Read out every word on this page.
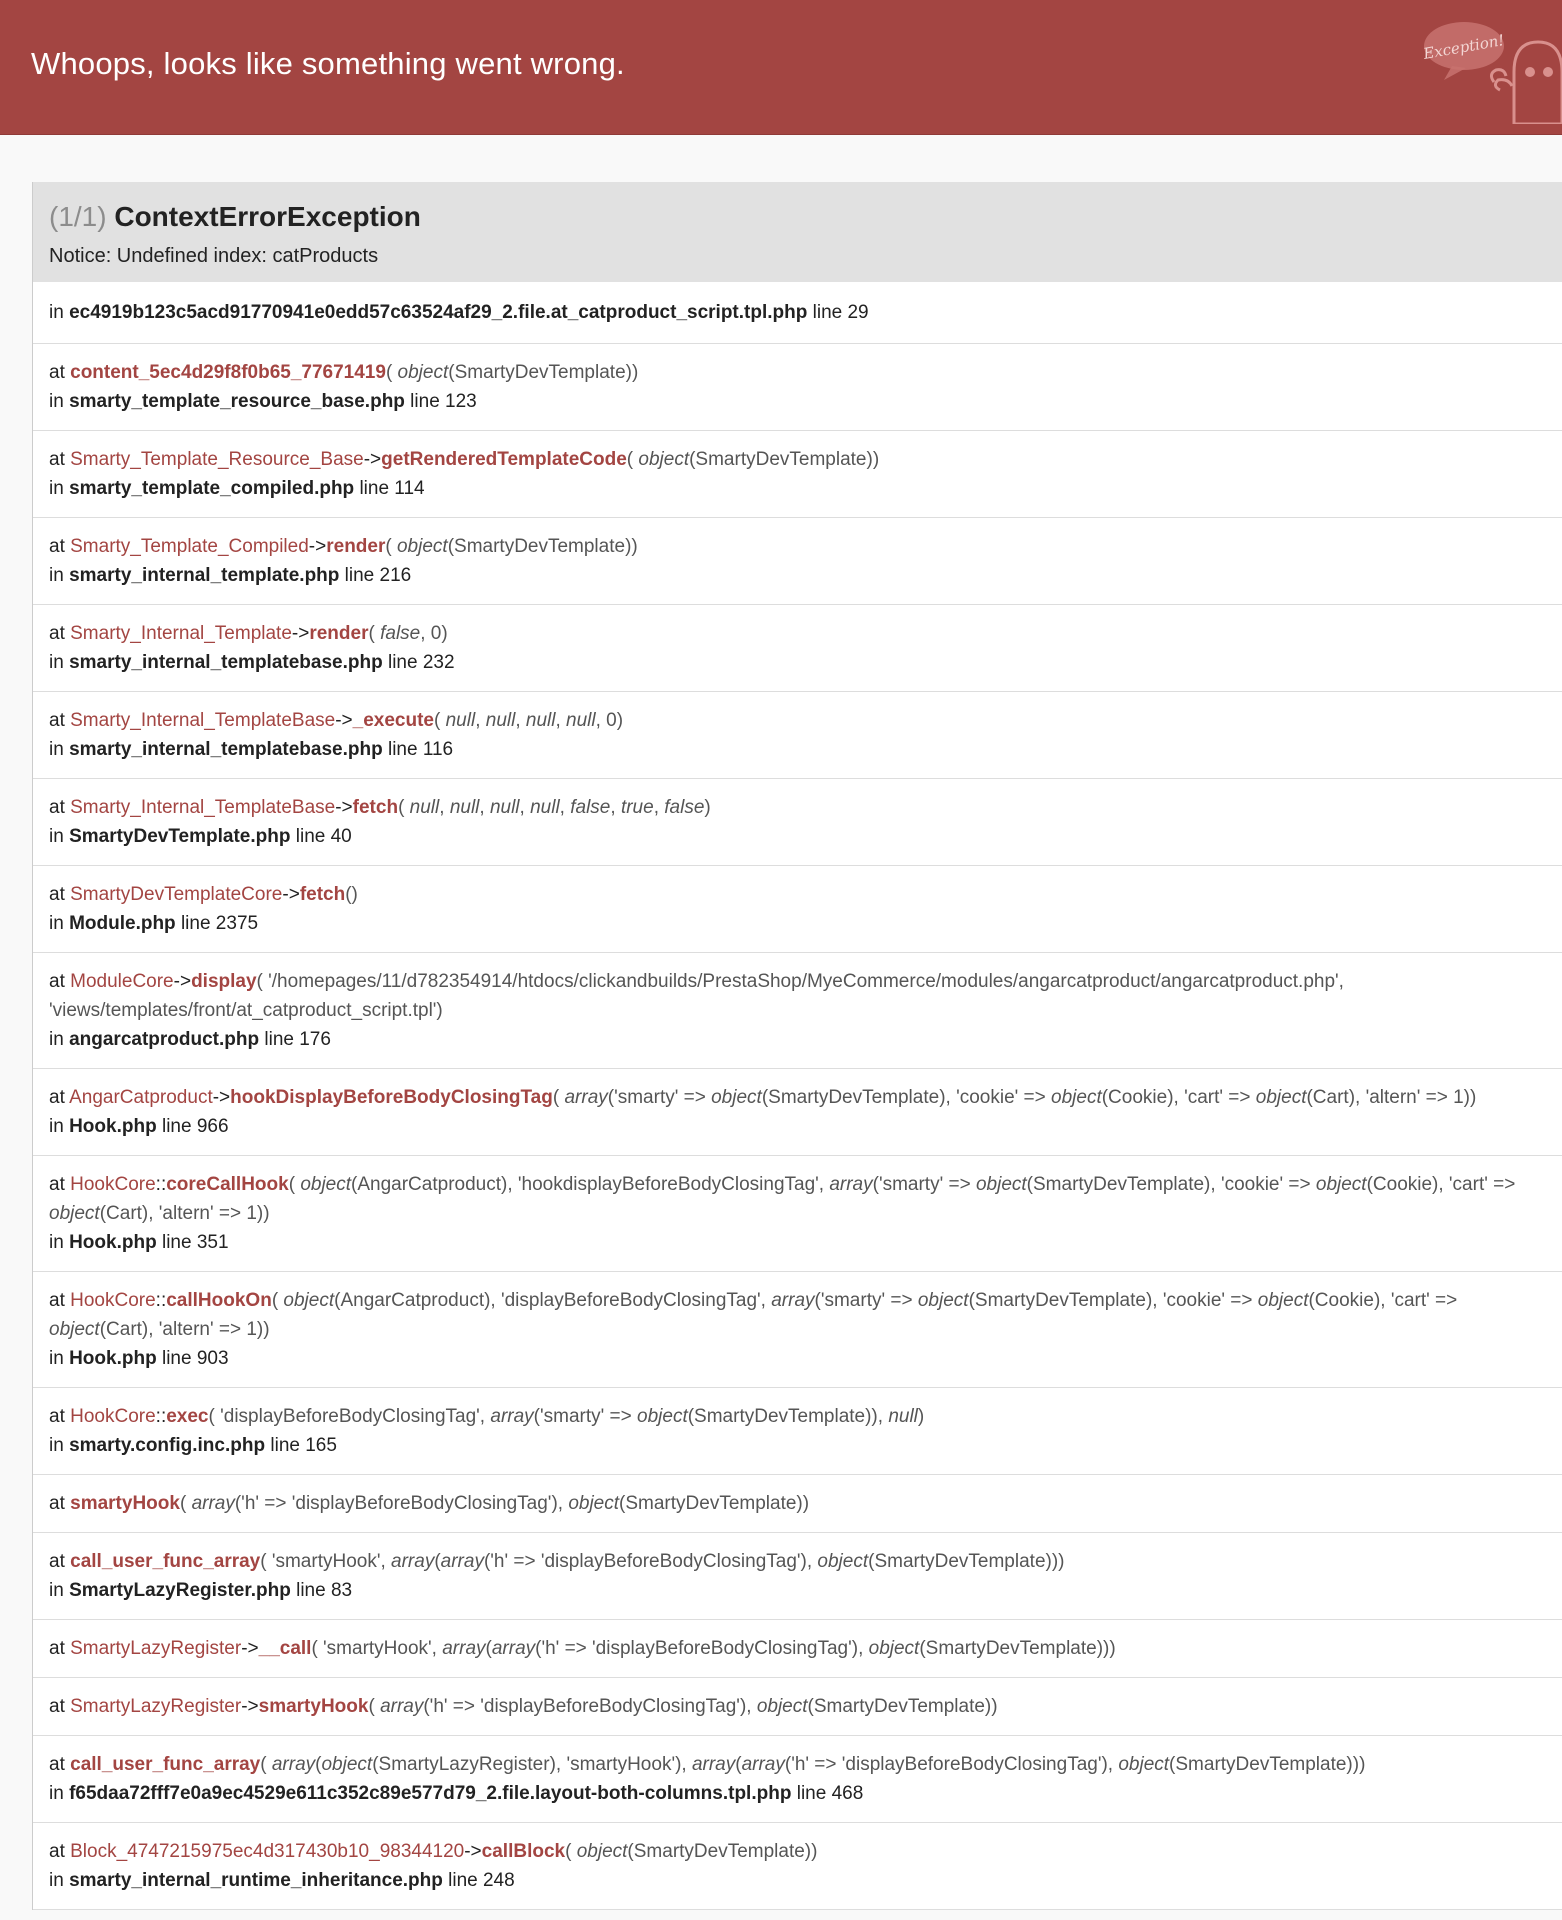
Whoops, looks like something went wrong.	Exception!
(1/1) ContextErrorException
Notice: Undefined index: catProducts
in ec4919b123c5acd91770941e0edd57c63524af29_2.file.at_catproduct_script.tpl.php line 29
at content_5ec4d29f8f0b65_77671419( object(SmartyDevTemplate))
in smarty_template_resource_base.php line 123
at Smarty_Template_Resource_Base->getRenderedTemplateCode( object(SmartyDevTemplate))
in smarty_template_compiled.php line 114
at Smarty_Template_Compiled->render( object(SmartyDevTemplate))
in smarty_internal_template.php line 216
at Smarty_Internal_Template->render( false, 0)
in smarty_internal_templatebase.php line 232
at Smarty_Internal_TemplateBase->_execute( null, null, null, null, 0)
in smarty_internal_templatebase.php line 116
at Smarty_Internal_TemplateBase->fetch( null, null, null, null, false, true, false)
in SmartyDevTemplate.php line 40
at SmartyDevTemplateCore->fetch()
in Module.php line 2375
at ModuleCore->display( '/homepages/11/d782354914/htdocs/clickandbuilds/PrestaShop/MyeCommerce/modules/angarcatproduct/angarcatproduct.php', 'views/templates/front/at_catproduct_script.tpl')
in angarcatproduct.php line 176
at AngarCatproduct->hookDisplayBeforeBodyClosingTag( array('smarty' => object(SmartyDevTemplate), 'cookie' => object(Cookie), 'cart' => object(Cart), 'altern' => 1))
in Hook.php line 966
at HookCore::coreCallHook( object(AngarCatproduct), 'hookdisplayBeforeBodyClosingTag', array('smarty' => object(SmartyDevTemplate), 'cookie' => object(Cookie), 'cart' => object(Cart), 'altern' => 1))
in Hook.php line 351
at HookCore::callHookOn( object(AngarCatproduct), 'displayBeforeBodyClosingTag', array('smarty' => object(SmartyDevTemplate), 'cookie' => object(Cookie), 'cart' => object(Cart), 'altern' => 1))
in Hook.php line 903
at HookCore::exec( 'displayBeforeBodyClosingTag', array('smarty' => object(SmartyDevTemplate)), null)
in smarty.config.inc.php line 165
at smartyHook( array('h' => 'displayBeforeBodyClosingTag'), object(SmartyDevTemplate))
at call_user_func_array( 'smartyHook', array(array('h' => 'displayBeforeBodyClosingTag'), object(SmartyDevTemplate)))
in SmartyLazyRegister.php line 83
at SmartyLazyRegister->__call( 'smartyHook', array(array('h' => 'displayBeforeBodyClosingTag'), object(SmartyDevTemplate)))
at SmartyLazyRegister->smartyHook( array('h' => 'displayBeforeBodyClosingTag'), object(SmartyDevTemplate))
at call_user_func_array( array(object(SmartyLazyRegister), 'smartyHook'), array(array('h' => 'displayBeforeBodyClosingTag'), object(SmartyDevTemplate)))
in f65daa72fff7e0a9ec4529e611c352c89e577d79_2.file.layout-both-columns.tpl.php line 468
at Block_4747215975ec4d317430b10_98344120->callBlock( object(SmartyDevTemplate))
in smarty_internal_runtime_inheritance.php line 248
